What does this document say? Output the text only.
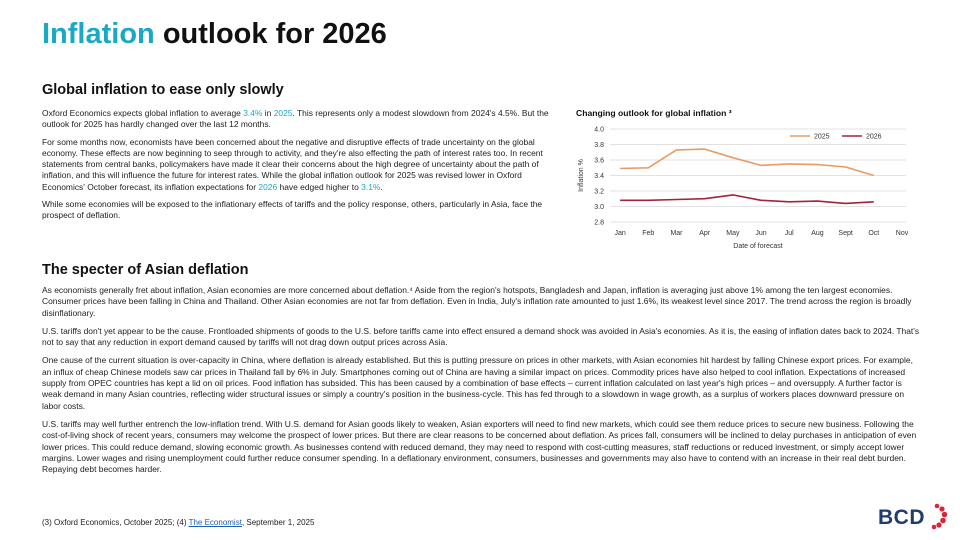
Inflation outlook for 2026
Global inflation to ease only slowly

Oxford Economics expects global inflation to average 3.4% in 2025. This represents only a modest slowdown from 2024's 4.5%. But the outlook for 2025 has hardly changed over the last 12 months.

For some months now, economists have been concerned about the negative and disruptive effects of trade uncertainty on the global economy. These effects are now beginning to seep through to activity, and they're also effecting the path of interest rates too. In recent statements from central banks, policymakers have made it clear their concerns about the high degree of uncertainty about the path of inflation, and this will influence the future for interest rates. While the global inflation outlook for 2025 was revised lower in Oxford Economics' October forecast, its inflation expectations for 2026 have edged higher to 3.1%.

While some economies will be exposed to the inflationary effects of tariffs and the policy response, others, particularly in Asia, face the prospect of deflation.

Changing outlook for global inflation ³
4.0
3.8
3.6
3.4
3.2
3.0
2.8
Jan Feb Mar Apr May Jun	Jul Aug Sept Oct Nov
Date of forecast
Inflation %
2025	2026
The specter of Asian deflation

As economists generally fret about inflation, Asian economies are more concerned about deflation.⁴ Aside from the region's hotspots, Bangladesh and Japan, inflation is averaging just above 1% among the ten largest economies. Consumer prices have been falling in China and Thailand. Other Asian economies are not far from deflation. Even in India, July's inflation rate amounted to just 1.6%, its weakest level since 2017. The trend across the region is broadly disinflationary.

U.S. tariffs don't yet appear to be the cause. Frontloaded shipments of goods to the U.S. before tariffs came into effect ensured a demand shock was avoided in Asia's economies. As it is, the easing of inflation dates back to 2024. That's not to say that any reduction in export demand caused by tariffs will not drag down output prices across Asia.

One cause of the current situation is over-capacity in China, where deflation is already established. But this is putting pressure on prices in other markets, with Asian economies hit hardest by falling Chinese export prices. For example, an influx of cheap Chinese models saw car prices in Thailand fall by 6% in July. Smartphones coming out of China are having a similar impact on prices. Commodity prices have also helped to cool inflation. Expectations of increased supply from OPEC countries has kept a lid on oil prices. Food inflation has subsided. This has been caused by a combination of base effects – current inflation calculated on last year's high prices – and oversupply. A further factor is weak demand in many Asian countries, reflecting wider structural issues or simply a country's position in the business-cycle. This has fed through to a slowdown in wage growth, as a surplus of workers places downward pressure on labor costs.

U.S. tariffs may well further entrench the low-inflation trend. With U.S. demand for Asian goods likely to weaken, Asian exporters will need to find new markets, which could see them reduce prices to secure new business. Following the cost-of-living shock of recent years, consumers may welcome the prospect of lower prices. But there are clear reasons to be concerned about deflation. As prices fall, consumers will be inclined to delay purchases in anticipation of even lower prices. This could reduce demand, slowing economic growth. As businesses contend with reduced demand, they may need to respond with cost-cutting measures, staff reductions or reduced investment, or simply accept lower margins. Lower wages and rising unemployment could further reduce consumer spending. In a deflationary environment, consumers, businesses and governments may also have to contend with an increase in their real debt burden. Repaying debt becomes harder.

(3) Oxford Economics, October 2025; (4) The Economist, September 1, 2025	BCD
